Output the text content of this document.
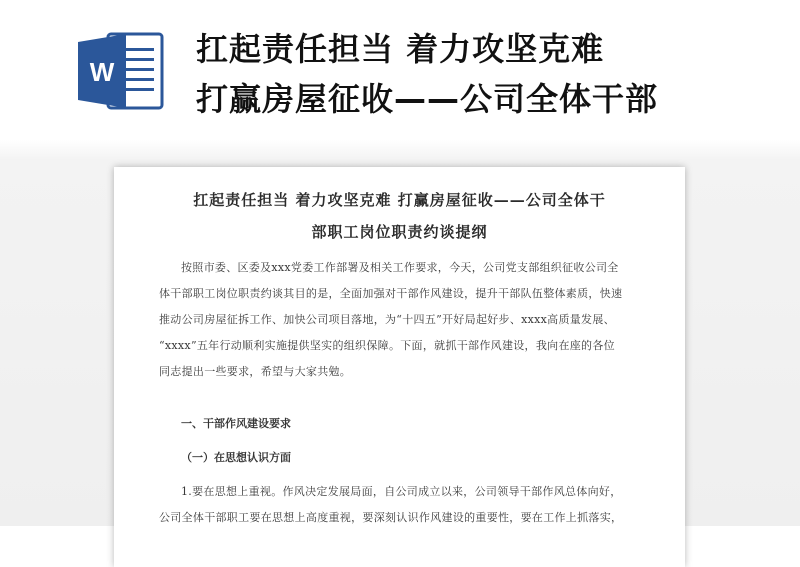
W
扛起责任担当 着力攻坚克难
打赢房屋征收——公司全体干部
扛起责任担当 着力攻坚克难 打赢房屋征收——公司全体干
部职工岗位职责约谈提纲
按照市委、区委及xxx党委工作部署及相关工作要求，今天，公司党支部组织征收公司全
体干部职工岗位职责约谈其目的是，全面加强对干部作风建设，提升干部队伍整体素质，快速
推动公司房屋征拆工作、加快公司项目落地，为“十四五”开好局起好步、xxxx高质量发展、
“xxxx”五年行动顺利实施提供坚实的组织保障。下面，就抓干部作风建设，我向在座的各位
同志提出一些要求，希望与大家共勉。
一、干部作风建设要求
（一）在思想认识方面
1.要在思想上重视。作风决定发展局面，自公司成立以来，公司领导干部作风总体向好，
公司全体干部职工要在思想上高度重视，要深刻认识作风建设的重要性，要在工作上抓落实，
